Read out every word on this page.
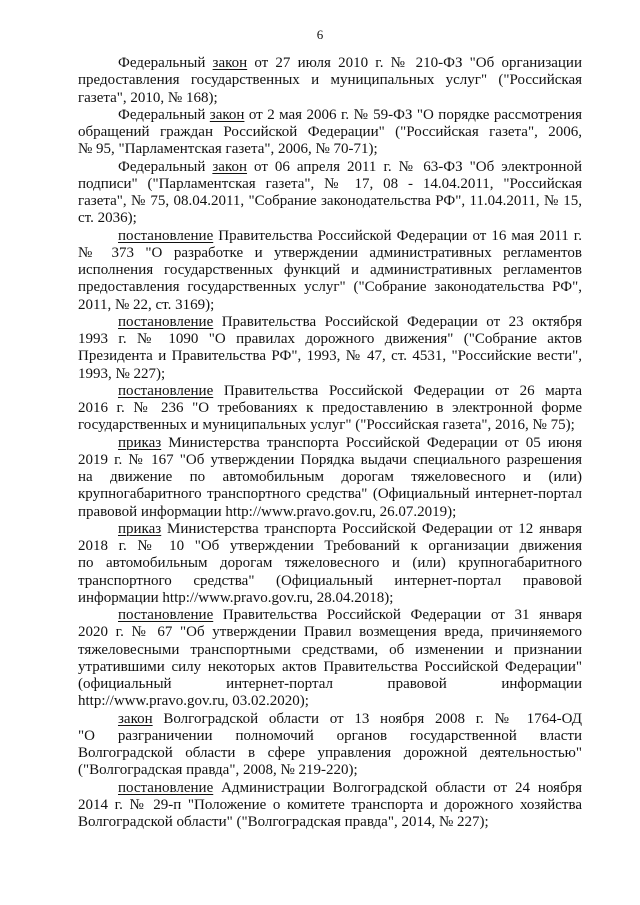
6
Федеральный закон от 27 июля 2010 г. № 210-ФЗ "Об организации
предоставления государственных и муниципальных услуг" ("Российская
газета", 2010, № 168);
Федеральный закон от 2 мая 2006 г. № 59-ФЗ "О порядке рассмотрения
обращений граждан Российской Федерации" ("Российская газета", 2006,
№ 95, "Парламентская газета", 2006, № 70-71);
Федеральный закон от 06 апреля 2011 г. № 63-ФЗ "Об электронной
подписи" ("Парламентская газета", № 17, 08 - 14.04.2011, "Российская
газета", № 75, 08.04.2011, "Собрание законодательства РФ", 11.04.2011, № 15,
ст. 2036);
постановление Правительства Российской Федерации от 16 мая 2011 г.
№ 373 "О разработке и утверждении административных регламентов
исполнения государственных функций и административных регламентов
предоставления государственных услуг" ("Собрание законодательства РФ",
2011, № 22, ст. 3169);
постановление Правительства Российской Федерации от 23 октября
1993 г. № 1090 "О правилах дорожного движения" ("Собрание актов
Президента и Правительства РФ", 1993, № 47, ст. 4531, "Российские вести",
1993, № 227);
постановление Правительства Российской Федерации от 26 марта
2016 г. № 236 "О требованиях к предоставлению в электронной форме
государственных и муниципальных услуг" ("Российская газета", 2016, № 75);
приказ Министерства транспорта Российской Федерации от 05 июня
2019 г. № 167 "Об утверждении Порядка выдачи специального разрешения
на движение по автомобильным дорогам тяжеловесного и (или)
крупногабаритного транспортного средства" (Официальный интернет-портал
правовой информации http://www.pravo.gov.ru, 26.07.2019);
приказ Министерства транспорта Российской Федерации от 12 января
2018 г. № 10 "Об утверждении Требований к организации движения
по автомобильным дорогам тяжеловесного и (или) крупногабаритного
транспортного средства" (Официальный интернет-портал правовой
информации http://www.pravo.gov.ru, 28.04.2018);
постановление Правительства Российской Федерации от 31 января
2020 г. № 67 "Об утверждении Правил возмещения вреда, причиняемого
тяжеловесными транспортными средствами, об изменении и признании
утратившими силу некоторых актов Правительства Российской Федерации"
(официальный интернет-портал правовой информации
http://www.pravo.gov.ru, 03.02.2020);
закон Волгоградской области от 13 ноября 2008 г. № 1764-ОД
"О разграничении полномочий органов государственной власти
Волгоградской области в сфере управления дорожной деятельностью"
("Волгоградская правда", 2008, № 219-220);
постановление Администрации Волгоградской области от 24 ноября
2014 г. № 29-п "Положение о комитете транспорта и дорожного хозяйства
Волгоградской области" ("Волгоградская правда", 2014, № 227);
